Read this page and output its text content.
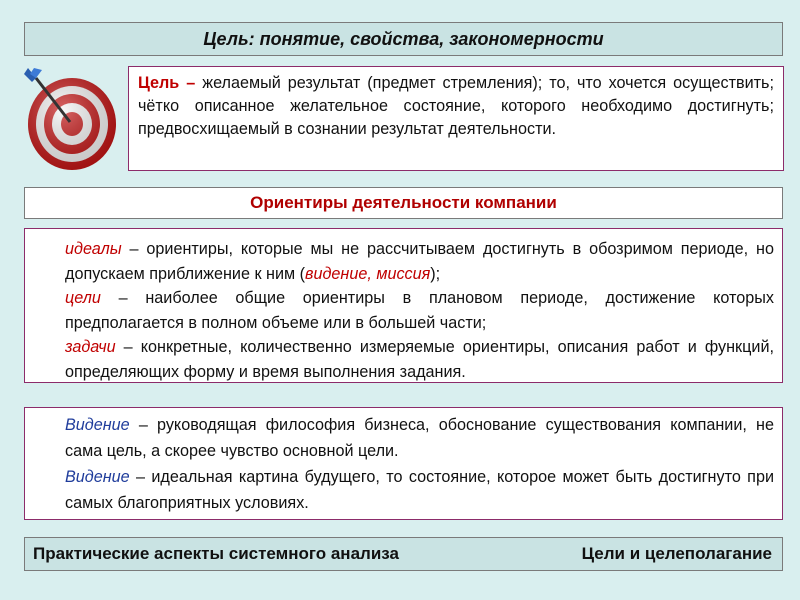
Цель: понятие, свойства, закономерности
Цель – желаемый результат (предмет стремления); то, что хочется осуществить; чётко описанное желательное состояние, которого необходимо достигнуть; предвосхищаемый в сознании результат деятельности.
Ориентиры деятельности компании

идеалы – ориентиры, которые мы не рассчитываем достигнуть в обозримом периоде, но допускаем приближение к ним (видение, миссия);

цели – наиболее общие ориентиры в плановом периоде, достижение которых предполагается в полном объеме или в большей части;

задачи – конкретные, количественно измеряемые ориентиры, описания работ и функций, определяющих форму и время выполнения задания.

Видение – руководящая философия бизнеса, обоснование существования компании, не сама цель, а скорее чувство основной цели.

Видение – идеальная картина будущего, то состояние, которое может быть достигнуто при самых благоприятных условиях.

Практические аспекты системного анализа	Цели и целеполагание
